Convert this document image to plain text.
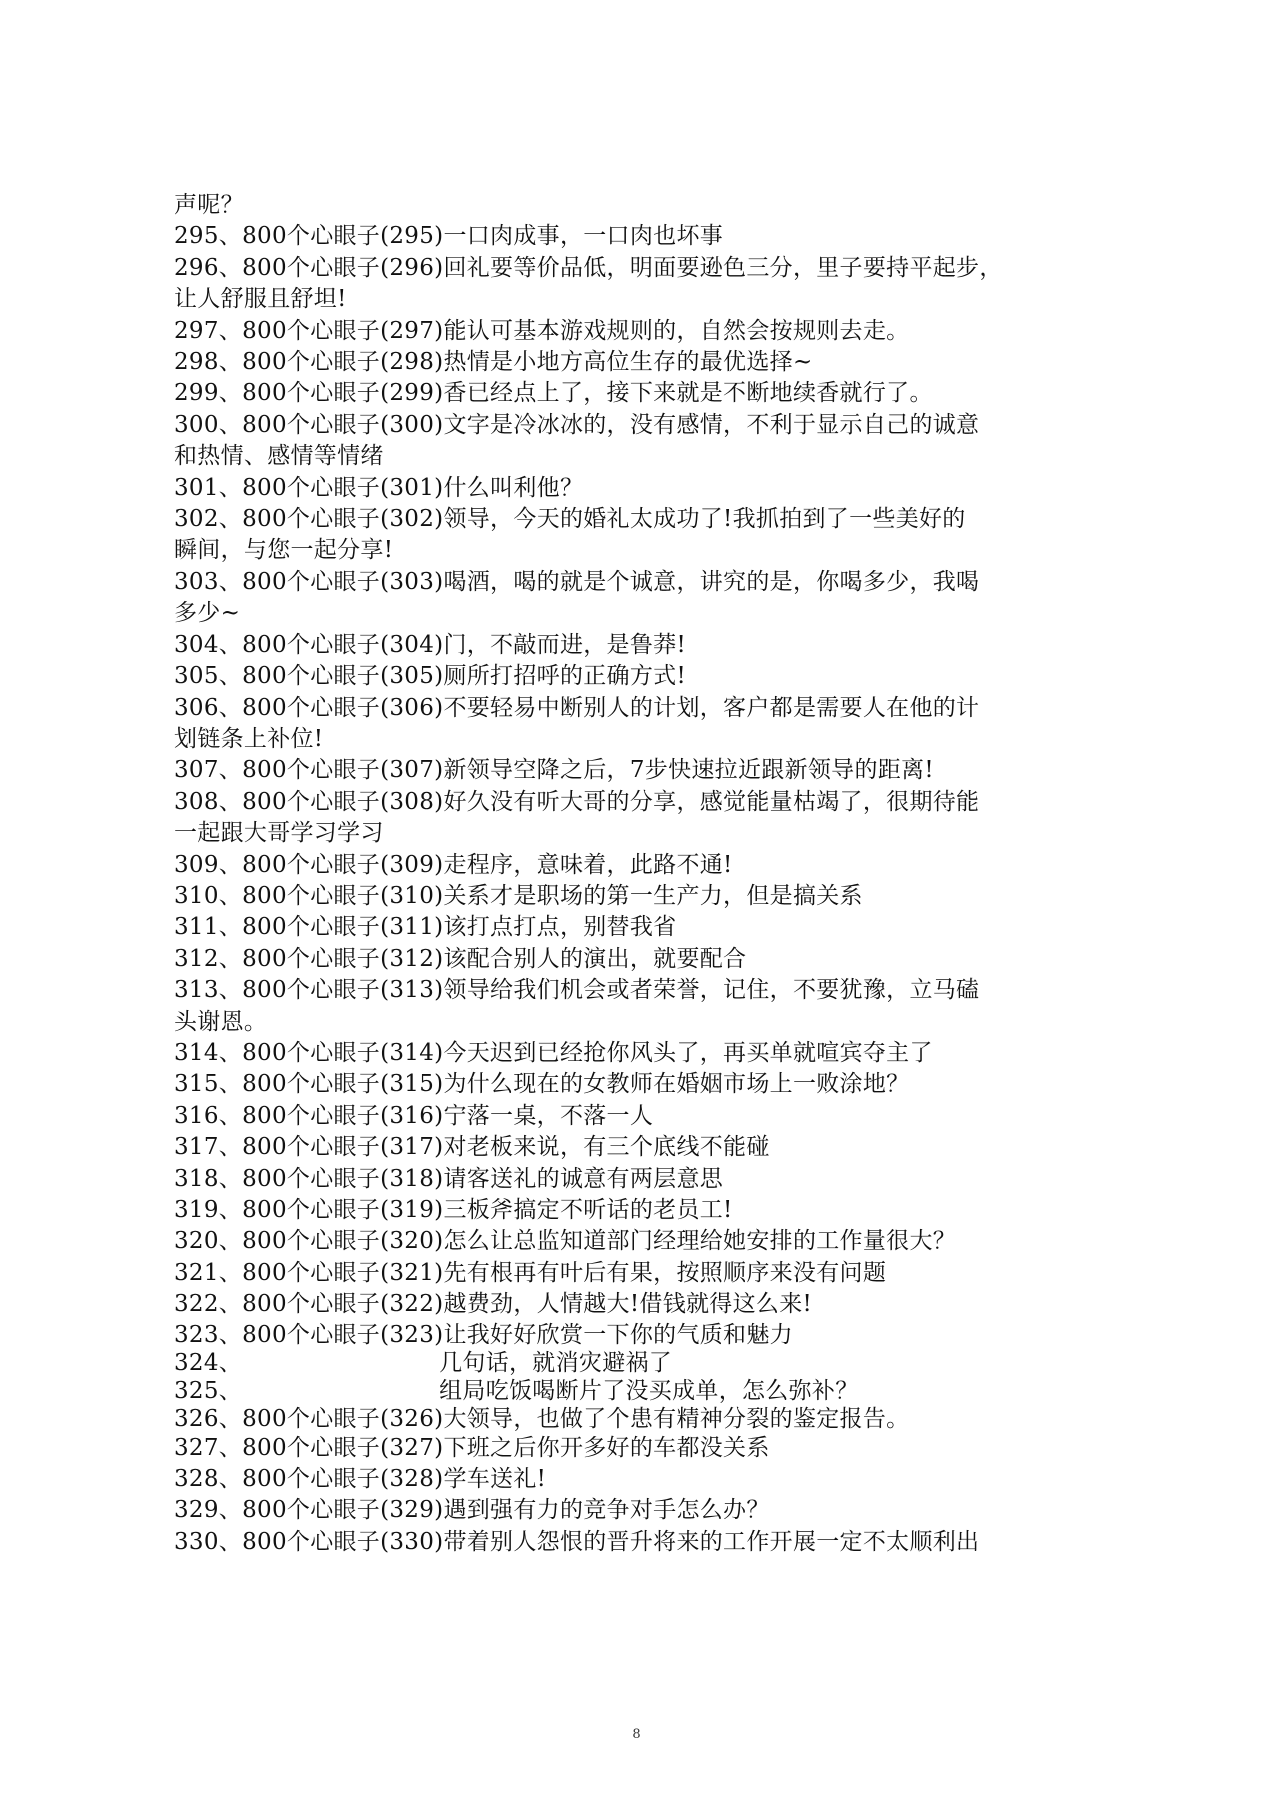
声呢？
295、800个心眼子(295)一口肉成事，一口肉也坏事
296、800个心眼子(296)回礼要等价品低，明面要逊色三分，里子要持平起步，
让人舒服且舒坦!
297、800个心眼子(297)能认可基本游戏规则的，自然会按规则去走。
298、800个心眼子(298)热情是小地方高位生存的最优选择~
299、800个心眼子(299)香已经点上了，接下来就是不断地续香就行了。
300、800个心眼子(300)文字是冷冰冰的，没有感情，不利于显示自己的诚意
和热情、感情等情绪
301、800个心眼子(301)什么叫利他？
302、800个心眼子(302)领导，今天的婚礼太成功了!我抓拍到了一些美好的
瞬间，与您一起分享!
303、800个心眼子(303)喝酒，喝的就是个诚意，讲究的是，你喝多少，我喝
多少~
304、800个心眼子(304)门，不敲而进，是鲁莽!
305、800个心眼子(305)厕所打招呼的正确方式!
306、800个心眼子(306)不要轻易中断别人的计划，客户都是需要人在他的计
划链条上补位!
307、800个心眼子(307)新领导空降之后，7步快速拉近跟新领导的距离!
308、800个心眼子(308)好久没有听大哥的分享，感觉能量枯竭了，很期待能
一起跟大哥学习学习
309、800个心眼子(309)走程序，意味着，此路不通!
310、800个心眼子(310)关系才是职场的第一生产力，但是搞关系
311、800个心眼子(311)该打点打点，别替我省
312、800个心眼子(312)该配合别人的演出，就要配合
313、800个心眼子(313)领导给我们机会或者荣誉，记住，不要犹豫，立马磕
头谢恩。
314、800个心眼子(314)今天迟到已经抢你风头了，再买单就喧宾夺主了
315、800个心眼子(315)为什么现在的女教师在婚姻市场上一败涂地？
316、800个心眼子(316)宁落一桌，不落一人
317、800个心眼子(317)对老板来说，有三个底线不能碰
318、800个心眼子(318)请客送礼的诚意有两层意思
319、800个心眼子(319)三板斧搞定不听话的老员工!
320、800个心眼子(320)怎么让总监知道部门经理给她安排的工作量很大？
321、800个心眼子(321)先有根再有叶后有果，按照顺序来没有问题
322、800个心眼子(322)越费劲，人情越大!借钱就得这么来!
323、800个心眼子(323)让我好好欣赏一下你的气质和魅力
324、	几句话，就消灾避祸了
325、	组局吃饭喝断片了没买成单，怎么弥补？
326、800个心眼子(326)大领导，也做了个患有精神分裂的鉴定报告。
327、800个心眼子(327)下班之后你开多好的车都没关系
328、800个心眼子(328)学车送礼!
329、800个心眼子(329)遇到强有力的竞争对手怎么办？
330、800个心眼子(330)带着别人怨恨的晋升将来的工作开展一定不太顺利出
8
